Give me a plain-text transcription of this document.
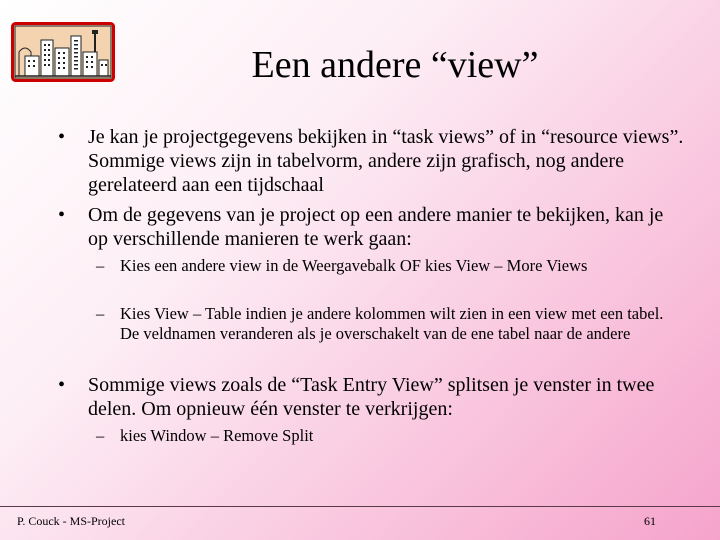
Een andere “view”
• Je kan je projectgegevens bekijken in “task views” of in “resource views”. Sommige views zijn in tabelvorm, andere zijn grafisch, nog andere gerelateerd aan een tijdschaal
• Om de gegevens van je project op een andere manier te bekijken, kan je op verschillende manieren te werk gaan:
– Kies een andere view in de Weergavebalk OF kies View – More Views
– Kies View – Table indien je andere kolommen wilt zien in een view met een tabel. De veldnamen veranderen als je overschakelt van de ene tabel naar de andere
• Sommige views zoals de “Task Entry View” splitsen je venster in twee delen. Om opnieuw één venster te verkrijgen:
– kies Window – Remove Split
P. Couck - MS-Project	61
